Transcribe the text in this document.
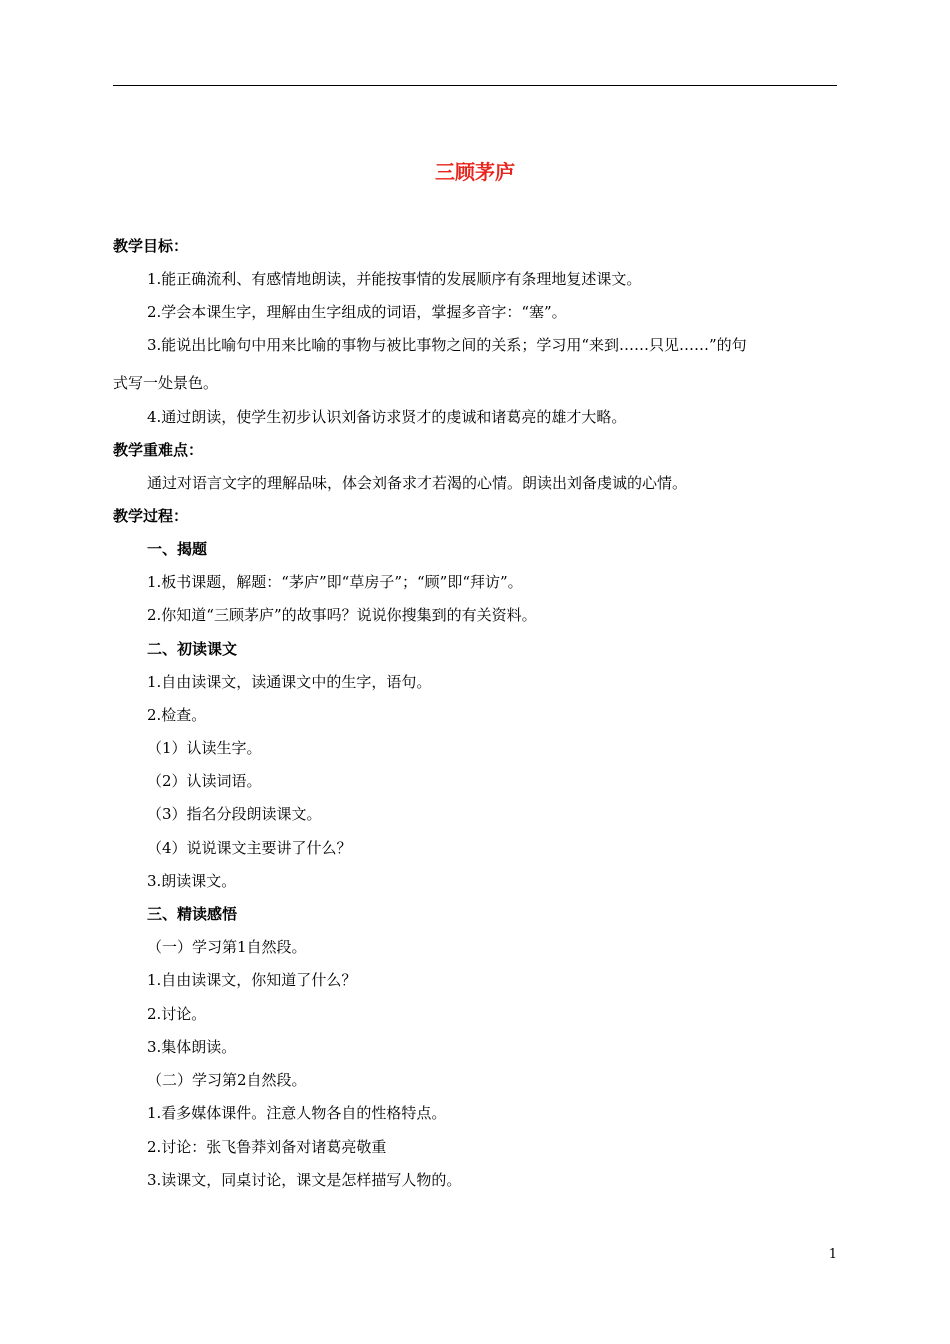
三顾茅庐
教学目标：
1.能正确流利、有感情地朗读，并能按事情的发展顺序有条理地复述课文。
2.学会本课生字，理解由生字组成的词语，掌握多音字：“塞”。
3.能说出比喻句中用来比喻的事物与被比事物之间的关系；学习用“来到……只见……”的句
式写一处景色。
4.通过朗读，使学生初步认识刘备访求贤才的虔诚和诸葛亮的雄才大略。
教学重难点：
通过对语言文字的理解品味，体会刘备求才若渴的心情。朗读出刘备虔诚的心情。
教学过程：
一、揭题
1.板书课题，解题：“茅庐”即“草房子”；“顾”即“拜访”。
2.你知道“三顾茅庐”的故事吗？说说你搜集到的有关资料。
二、初读课文
1.自由读课文，读通课文中的生字，语句。
2.检查。
（1）认读生字。
（2）认读词语。
（3）指名分段朗读课文。
（4）说说课文主要讲了什么？
3.朗读课文。
三、精读感悟
（一）学习第1自然段。
1.自由读课文，你知道了什么？
2.讨论。
3.集体朗读。
（二）学习第2自然段。
1.看多媒体课件。注意人物各自的性格特点。
2.讨论：张飞鲁莽刘备对诸葛亮敬重
3.读课文，同桌讨论，课文是怎样描写人物的。
1
